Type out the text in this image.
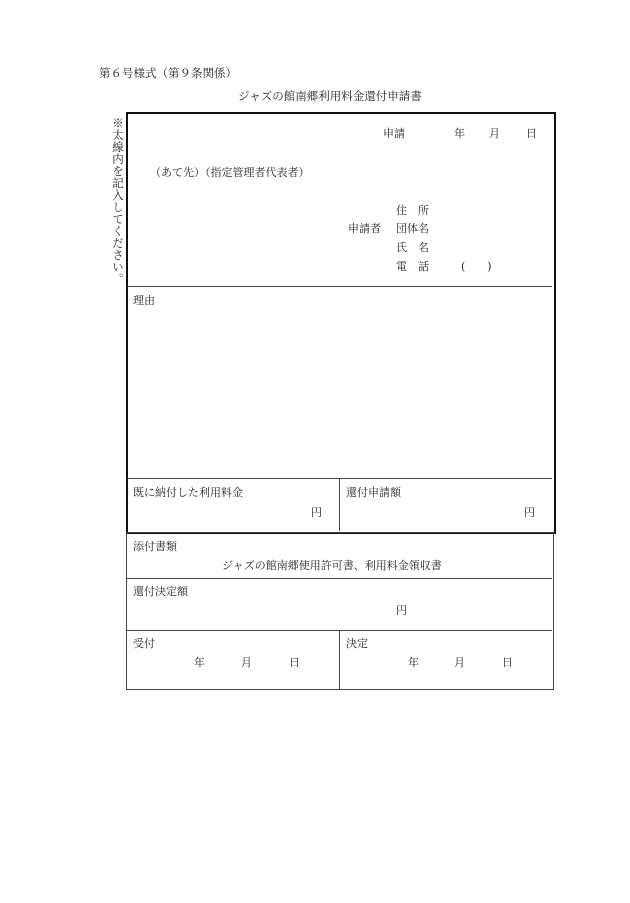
第６号様式（第９条関係）
ジャズの館南郷利用料金還付申請書
※太線内を記入してください。	申請	年 月 日
（あて先）（指定管理者代表者）
住　所
申請者 団体名
氏　名
電　話	(　　)
理由
既に納付した利用料金
円
還付申請額
円
添付書類
ジャズの館南郷使用許可書、利用料金領収書
還付決定額
円
受付
年	月	日
決定
年	月	日
